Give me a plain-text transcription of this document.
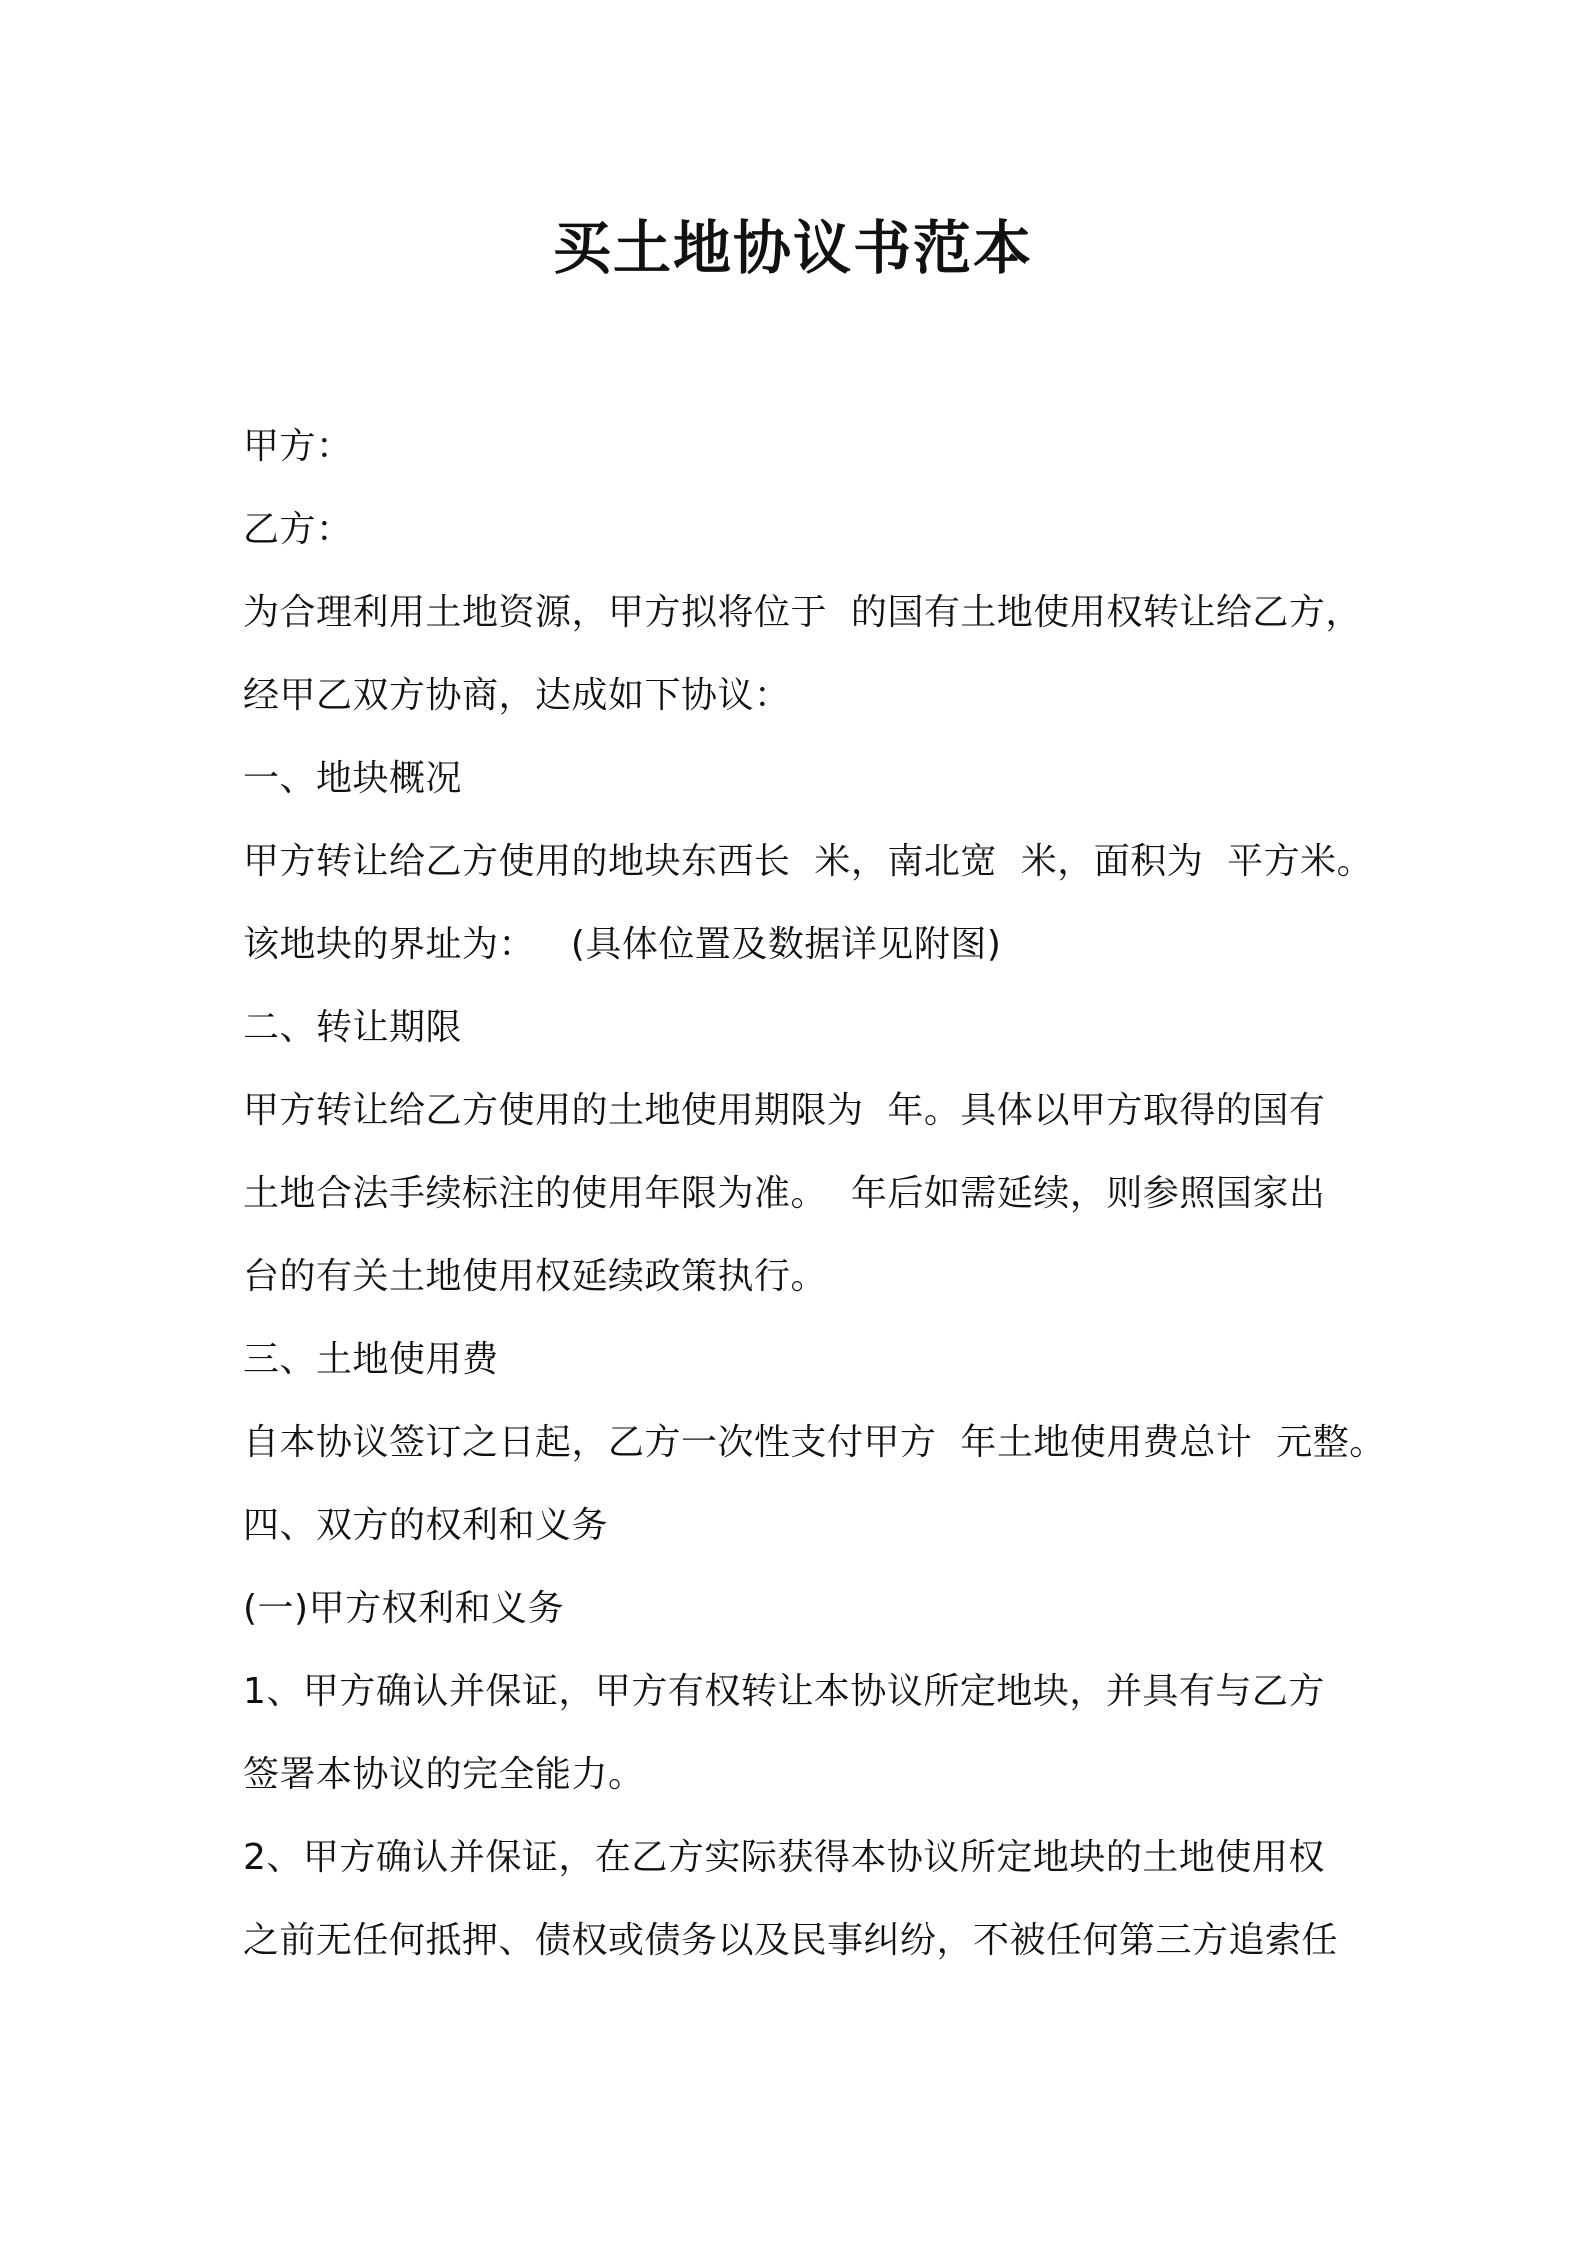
买土地协议书范本
甲方：
乙方：
为合理利用土地资源，甲方拟将位于  的国有土地使用权转让给乙方，
经甲乙双方协商，达成如下协议：
一、地块概况
甲方转让给乙方使用的地块东西长  米，南北宽  米，面积为  平方米。
该地块的界址为：   (具体位置及数据详见附图)
二、转让期限
甲方转让给乙方使用的土地使用期限为  年。具体以甲方取得的国有
土地合法手续标注的使用年限为准。  年后如需延续，则参照国家出
台的有关土地使用权延续政策执行。
三、土地使用费
自本协议签订之日起，乙方一次性支付甲方  年土地使用费总计  元整。
四、双方的权利和义务
(一)甲方权利和义务
1、甲方确认并保证，甲方有权转让本协议所定地块，并具有与乙方
签署本协议的完全能力。
2、甲方确认并保证，在乙方实际获得本协议所定地块的土地使用权
之前无任何抵押、债权或债务以及民事纠纷，不被任何第三方追索任
